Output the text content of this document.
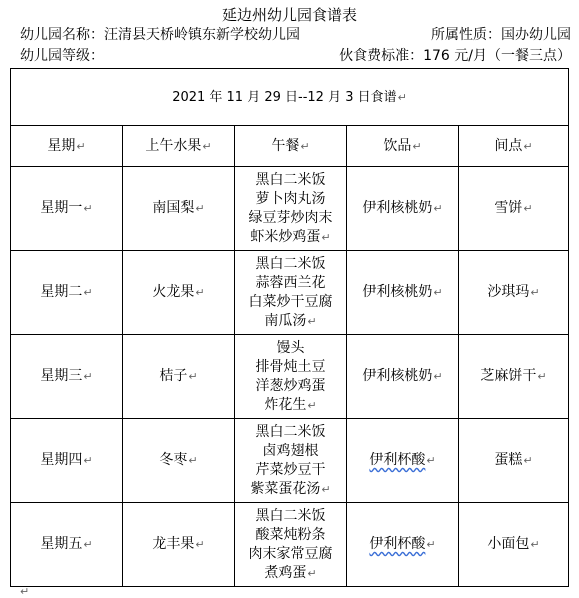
延边州幼儿园食谱表
幼儿园名称：汪清县天桥岭镇东新学校幼儿园	所属性质：国办幼儿园
幼儿园等级：	伙食费标准：176 元/月（一餐三点）
2021 年 11 月 29 日--12 月 3 日食谱↵				
星期↵	上午水果↵	午餐↵	饮品↵	间点↵
星期一↵	南国梨↵	黑白二米饭
萝卜肉丸汤
绿豆芽炒肉末
虾米炒鸡蛋↵	伊利核桃奶↵	雪饼↵
星期二↵	火龙果↵	黑白二米饭
蒜蓉西兰花
白菜炒干豆腐
南瓜汤↵	伊利核桃奶↵	沙琪玛↵
星期三↵	桔子↵	馒头
排骨炖土豆
洋葱炒鸡蛋
炸花生↵	伊利核桃奶↵	芝麻饼干↵
星期四↵	冬枣↵	黑白二米饭
卤鸡翅根
芹菜炒豆干
紫菜蛋花汤↵	伊利杯酸↵	蛋糕↵
星期五↵	龙丰果↵	黑白二米饭
酸菜炖粉条
肉末家常豆腐
煮鸡蛋↵	伊利杯酸↵	小面包↵
↵
